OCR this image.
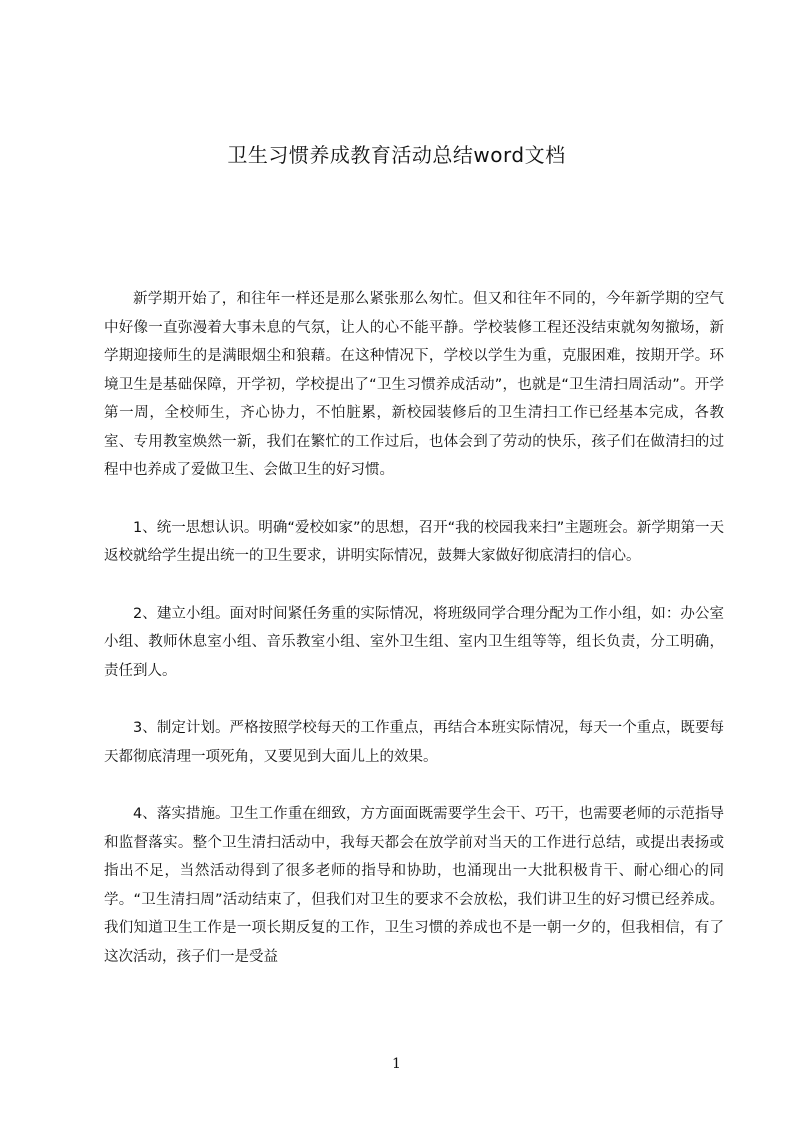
卫生习惯养成教育活动总结word文档

新学期开始了，和往年一样还是那么紧张那么匆忙。但又和往年不同的，今年新学期的空气中好像一直弥漫着大事未息的气氛，让人的心不能平静。学校装修工程还没结束就匆匆撤场，新学期迎接师生的是满眼烟尘和狼藉。在这种情况下，学校以学生为重，克服困难，按期开学。环境卫生是基础保障，开学初，学校提出了“卫生习惯养成活动”，也就是“卫生清扫周活动”。开学第一周，全校师生，齐心协力，不怕脏累，新校园装修后的卫生清扫工作已经基本完成，各教室、专用教室焕然一新，我们在繁忙的工作过后，也体会到了劳动的快乐，孩子们在做清扫的过程中也养成了爱做卫生、会做卫生的好习惯。

1、统一思想认识。明确“爱校如家”的思想，召开“我的校园我来扫”主题班会。新学期第一天返校就给学生提出统一的卫生要求，讲明实际情况，鼓舞大家做好彻底清扫的信心。

2、建立小组。面对时间紧任务重的实际情况，将班级同学合理分配为工作小组，如：办公室小组、教师休息室小组、音乐教室小组、室外卫生组、室内卫生组等等，组长负责，分工明确，责任到人。

3、制定计划。严格按照学校每天的工作重点，再结合本班实际情况，每天一个重点，既要每天都彻底清理一项死角，又要见到大面儿上的效果。

4、落实措施。卫生工作重在细致，方方面面既需要学生会干、巧干，也需要老师的示范指导和监督落实。整个卫生清扫活动中，我每天都会在放学前对当天的工作进行总结，或提出表扬或指出不足，当然活动得到了很多老师的指导和协助，也涌现出一大批积极肯干、耐心细心的同学。“卫生清扫周”活动结束了，但我们对卫生的要求不会放松，我们讲卫生的好习惯已经养成。我们知道卫生工作是一项长期反复的工作，卫生习惯的养成也不是一朝一夕的，但我相信，有了这次活动，孩子们一是受益

1
